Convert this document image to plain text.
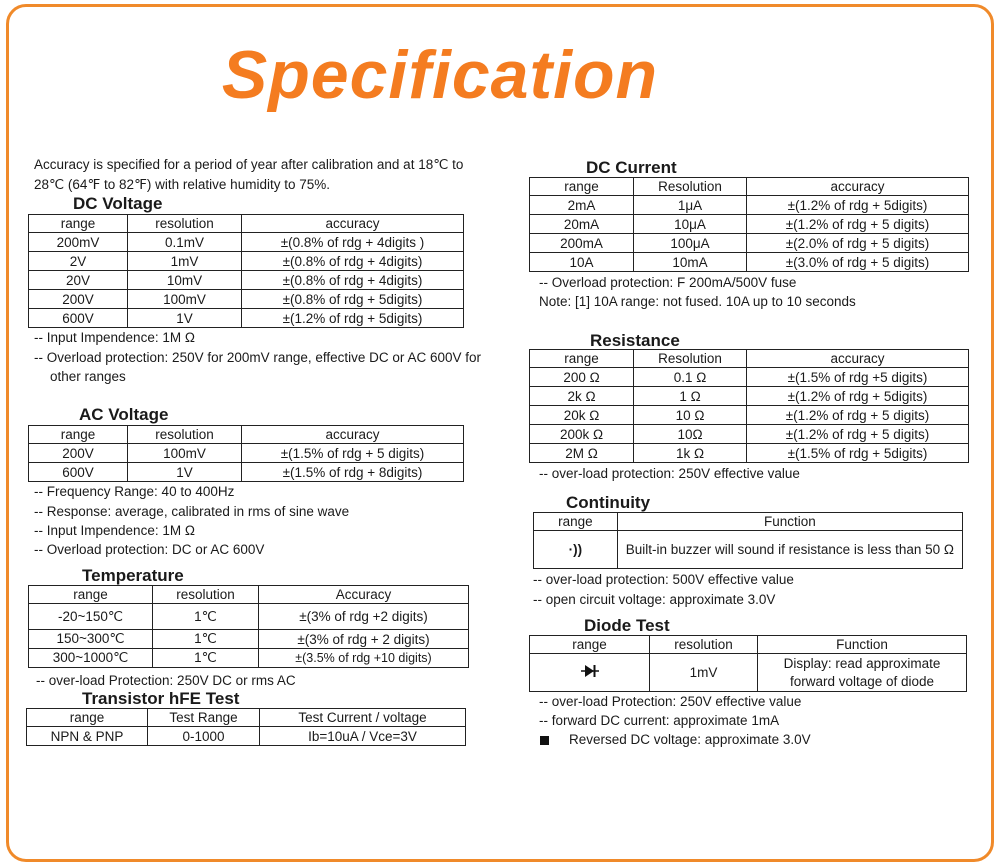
Specification
Accuracy is specified for a period of year after calibration and at 18℃ to
28℃ (64℉ to 82℉) with relative humidity to 75%.
DC Voltage
range	resolution	accuracy
200mV	0.1mV	±(0.8% of rdg + 4digits )
2V	1mV	±(0.8% of rdg + 4digits)
20V	10mV	±(0.8% of rdg + 4digits)
200V	100mV	±(0.8% of rdg + 5digits)
600V	1V	±(1.2% of rdg + 5digits)
-- Input Impendence: 1M Ω
-- Overload protection: 250V for 200mV range, effective DC or AC 600V for
other ranges
AC Voltage
range	resolution	accuracy
200V	100mV	±(1.5% of rdg + 5 digits)
600V	1V	±(1.5% of rdg + 8digits)
-- Frequency Range: 40 to 400Hz
-- Response: average, calibrated in rms of sine wave
-- Input Impendence: 1M Ω
-- Overload protection: DC or AC 600V
Temperature
range	resolution	Accuracy
-20~150℃	1℃	±(3% of rdg +2 digits)
150~300℃	1℃	±(3% of rdg + 2 digits)
300~1000℃	1℃	±(3.5% of rdg +10 digits)
-- over-load Protection: 250V DC or rms AC
Transistor hFE Test
range	Test Range	Test Current / voltage
NPN & PNP	0-1000	Ib=10uA / Vce=3V
DC Current
range	Resolution	accuracy
2mA	1μA	±(1.2% of rdg + 5digits)
20mA	10μA	±(1.2% of rdg + 5 digits)
200mA	100μA	±(2.0% of rdg + 5 digits)
10A	10mA	±(3.0% of rdg + 5 digits)
-- Overload protection: F 200mA/500V fuse
Note: [1] 10A range: not fused. 10A up to 10 seconds
Resistance
range	Resolution	accuracy
200 Ω	0.1 Ω	±(1.5% of rdg +5 digits)
2k Ω	1 Ω	±(1.2% of rdg + 5digits)
20k Ω	10 Ω	±(1.2% of rdg + 5 digits)
200k Ω	10Ω	±(1.2% of rdg + 5 digits)
2M Ω	1k Ω	±(1.5% of rdg + 5digits)
-- over-load protection: 250V effective value
Continuity
range	Function
·))	Built-in buzzer will sound if resistance is less than 50 Ω
-- over-load protection: 500V effective value
-- open circuit voltage: approximate 3.0V
Diode Test
range	resolution	Function
	1mV	Display: read approximate
forward voltage of diode
-- over-load Protection: 250V effective value
-- forward DC current: approximate 1mA
Reversed DC voltage: approximate 3.0V
